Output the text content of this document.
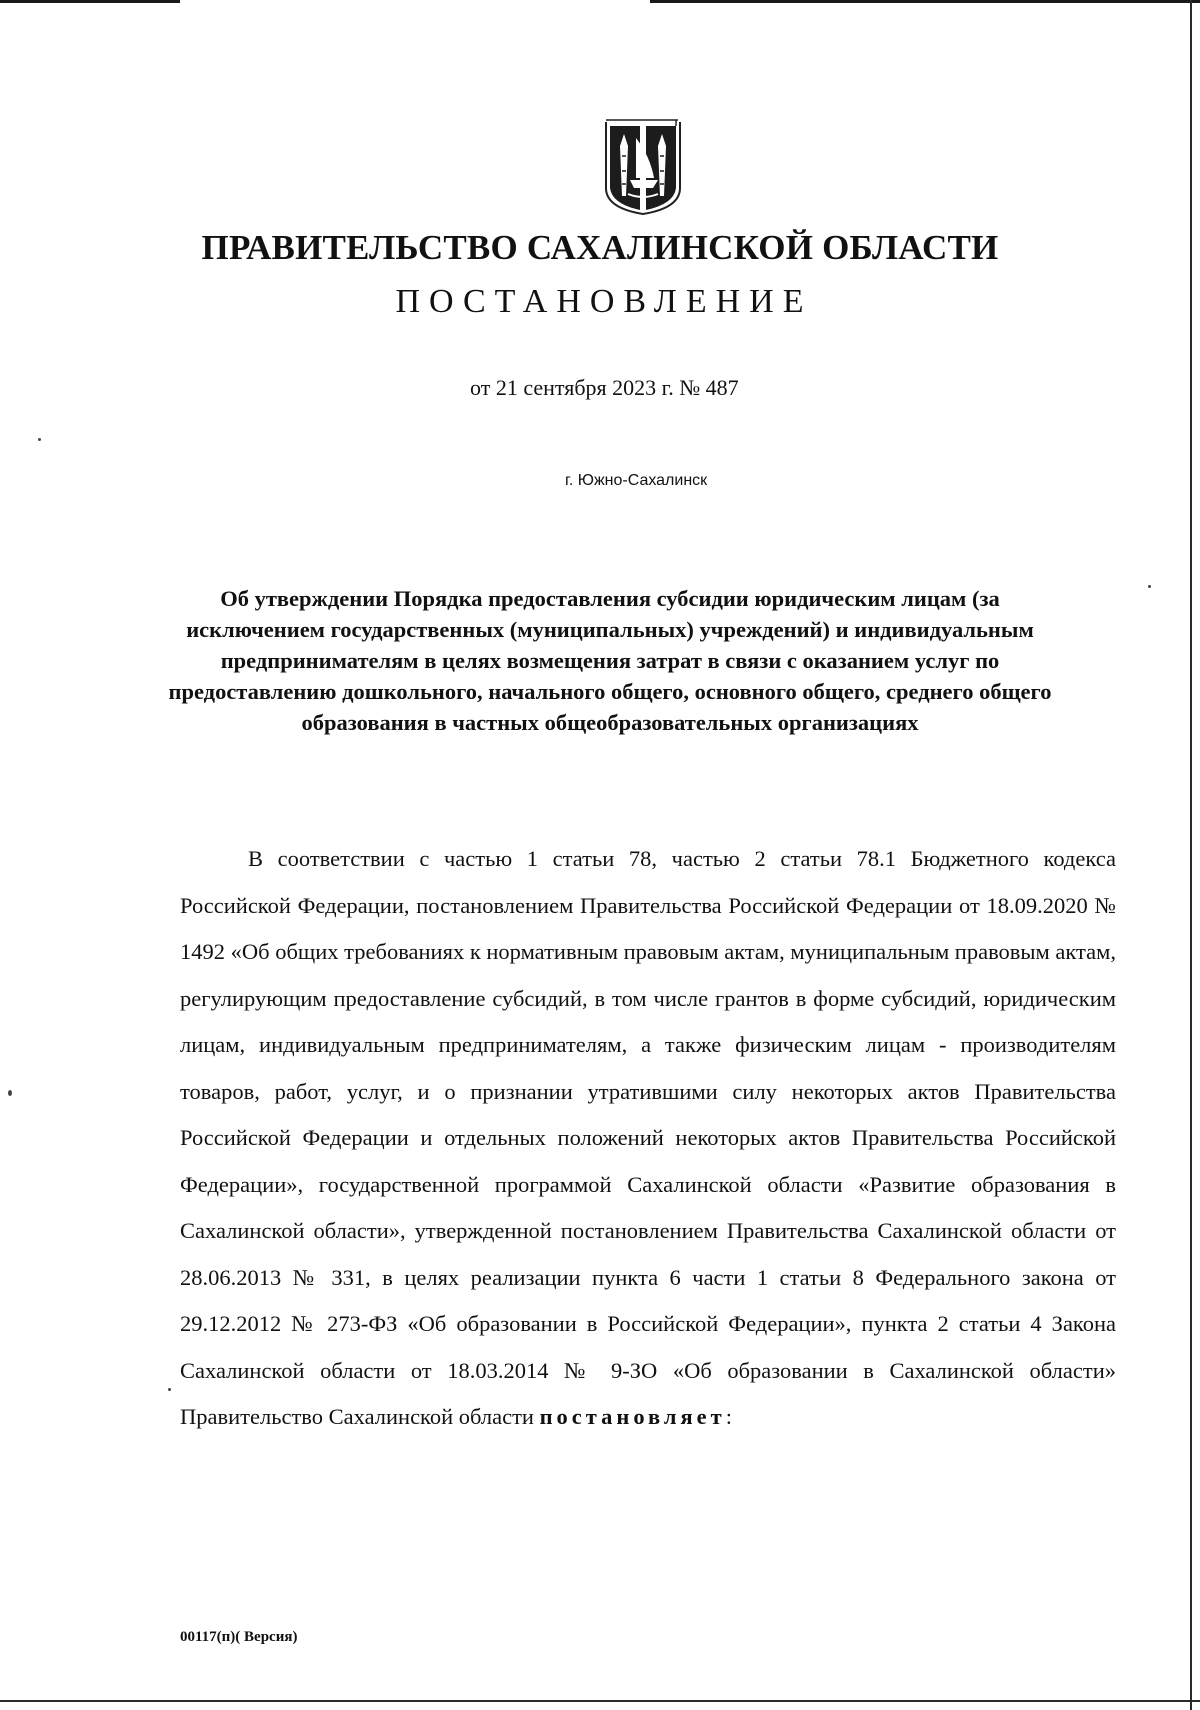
ПРАВИТЕЛЬСТВО САХАЛИНСКОЙ ОБЛАСТИ
ПОСТАНОВЛЕНИЕ
от 21 сентября 2023 г. № 487
г. Южно-Сахалинск
Об утверждении Порядка предоставления субсидии юридическим лицам (за исключением государственных (муниципальных) учреждений) и индивидуальным предпринимателям в целях возмещения затрат в связи с оказанием услуг по предоставлению дошкольного, начального общего, основного общего, среднего общего образования в частных общеобразовательных организациях
В соответствии с частью 1 статьи 78, частью 2 статьи 78.1 Бюджетного кодекса Российской Федерации, постановлением Правительства Российской Федерации от 18.09.2020 № 1492 «Об общих требованиях к нормативным правовым актам, муниципальным правовым актам, регулирующим предоставление субсидий, в том числе грантов в форме субсидий, юридическим лицам, индивидуальным предпринимателям, а также физическим лицам - производителям товаров, работ, услуг, и о признании утратившими силу некоторых актов Правительства Российской Федерации и отдельных положений некоторых актов Правительства Российской Федерации», государственной программой Сахалинской области «Развитие образования в Сахалинской области», утвержденной постановлением Правительства Сахалинской области от 28.06.2013 № 331, в целях реализации пункта 6 части 1 статьи 8 Федерального закона от 29.12.2012 № 273-ФЗ «Об образовании в Российской Федерации», пункта 2 статьи 4 Закона Сахалинской области от 18.03.2014 № 9-ЗО «Об образовании в Сахалинской области» Правительство Сахалинской области постановляет:
00117(п)( Версия)
